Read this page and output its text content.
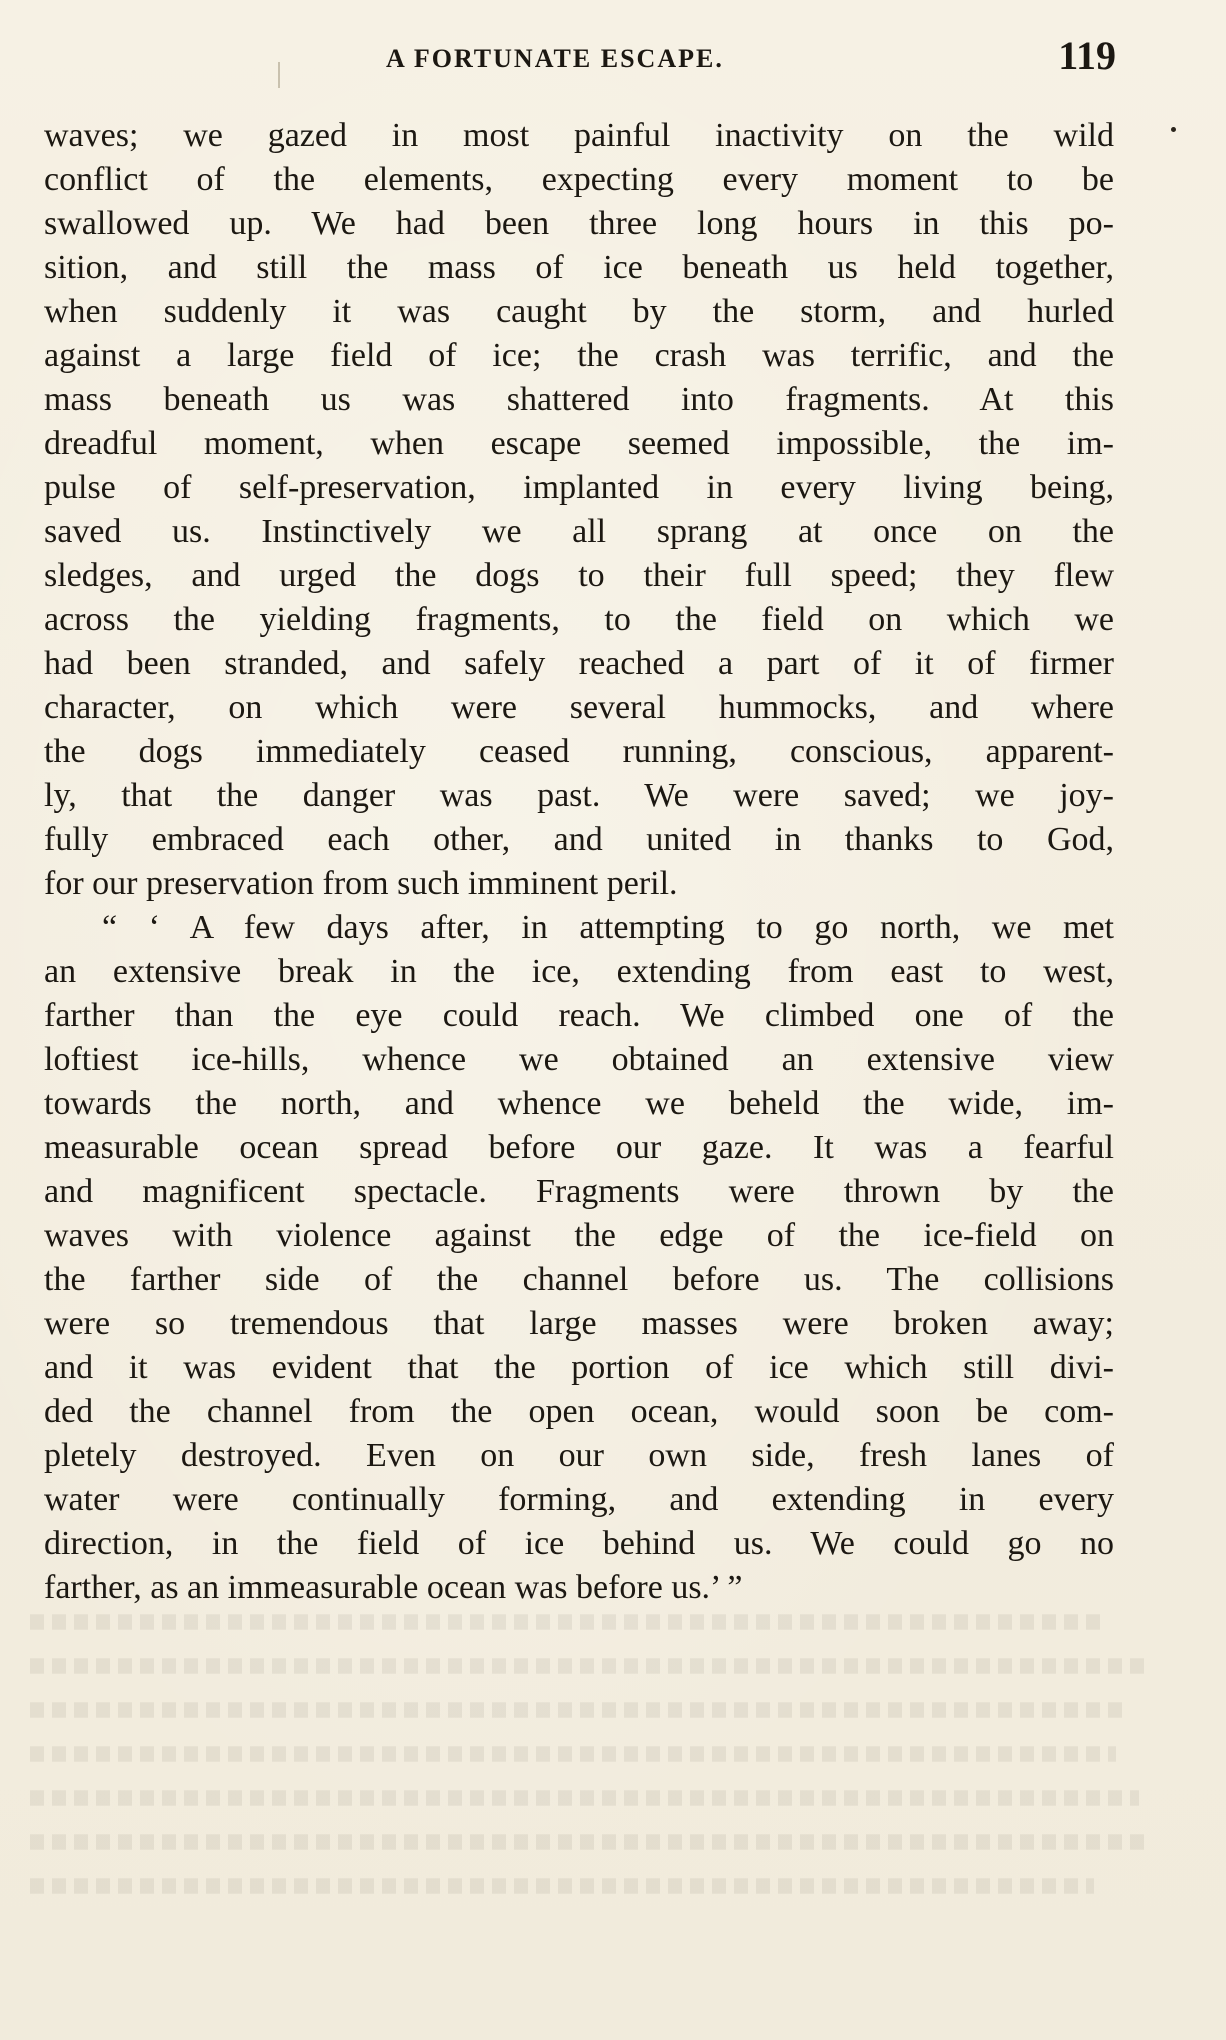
A FORTUNATE ESCAPE.	119
waves; we gazed in most painful inactivity on the wild
conflict of the elements, expecting every moment to be
swallowed up. We had been three long hours in this po-
sition, and still the mass of ice beneath us held together,
when suddenly it was caught by the storm, and hurled
against a large field of ice; the crash was terrific, and the
mass beneath us was shattered into fragments. At this
dreadful moment, when escape seemed impossible, the im-
pulse of self-preservation, implanted in every living being,
saved us. Instinctively we all sprang at once on the
sledges, and urged the dogs to their full speed; they flew
across the yielding fragments, to the field on which we
had been stranded, and safely reached a part of it of firmer
character, on which were several hummocks, and where
the dogs immediately ceased running, conscious, apparent-
ly, that the danger was past. We were saved; we joy-
fully embraced each other, and united in thanks to God,
for our preservation from such imminent peril.
“ ‘ A few days after, in attempting to go north, we met
an extensive break in the ice, extending from east to west,
farther than the eye could reach. We climbed one of the
loftiest ice-hills, whence we obtained an extensive view
towards the north, and whence we beheld the wide, im-
measurable ocean spread before our gaze. It was a fearful
and magnificent spectacle. Fragments were thrown by the
waves with violence against the edge of the ice-field on
the farther side of the channel before us. The collisions
were so tremendous that large masses were broken away;
and it was evident that the portion of ice which still divi-
ded the channel from the open ocean, would soon be com-
pletely destroyed. Even on our own side, fresh lanes of
water were continually forming, and extending in every
direction, in the field of ice behind us. We could go no
farther, as an immeasurable ocean was before us.’ ”
